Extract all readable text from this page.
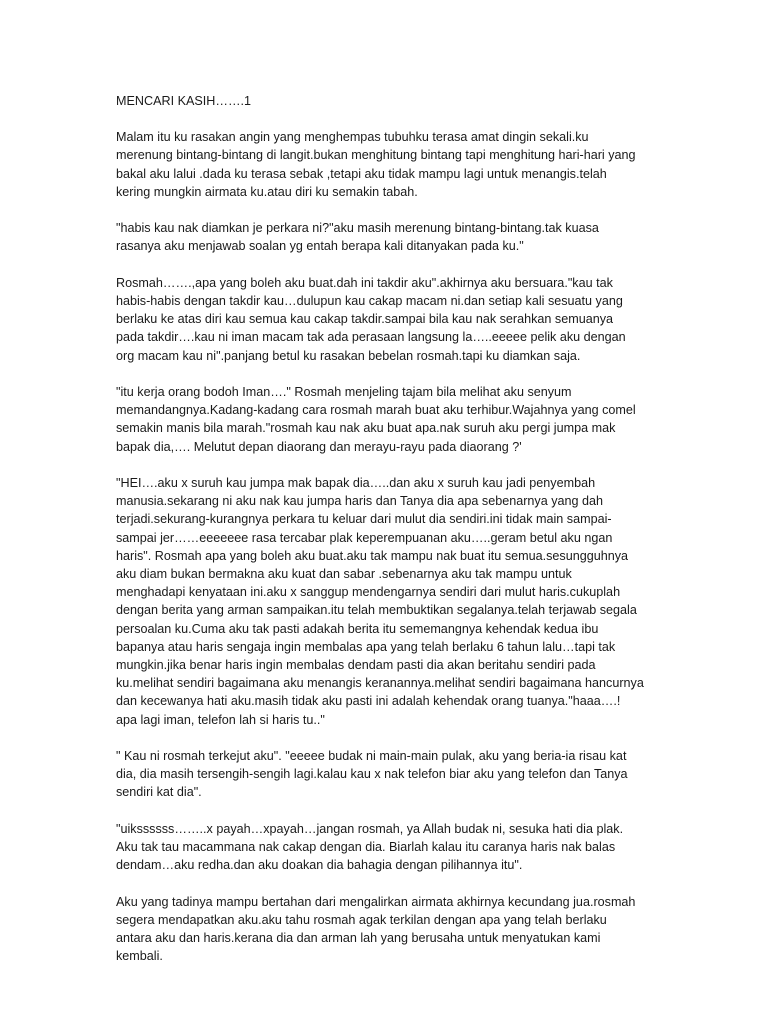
MENCARI KASIH…….1

Malam itu ku rasakan angin yang menghempas tubuhku terasa amat dingin sekali.ku
merenung bintang-bintang di langit.bukan menghitung bintang tapi menghitung hari-hari yang
bakal aku lalui .dada ku terasa sebak ,tetapi aku tidak mampu lagi untuk menangis.telah
kering mungkin airmata ku.atau diri ku semakin tabah.

"habis kau nak diamkan je perkara ni?"aku masih merenung bintang-bintang.tak kuasa
rasanya aku menjawab soalan yg entah berapa kali ditanyakan pada ku."

Rosmah…….,apa yang boleh aku buat.dah ini takdir aku".akhirnya aku bersuara."kau tak
habis-habis dengan takdir kau…dulupun kau cakap macam ni.dan setiap kali sesuatu yang
berlaku ke atas diri kau semua kau cakap takdir.sampai bila kau nak serahkan semuanya
pada takdir….kau ni iman macam tak ada perasaan langsung la…..eeeee pelik aku dengan
org macam kau ni".panjang betul ku rasakan bebelan rosmah.tapi ku diamkan saja.

"itu kerja orang bodoh Iman…." Rosmah menjeling tajam bila melihat aku senyum
memandangnya.Kadang-kadang cara rosmah marah buat aku terhibur.Wajahnya yang comel
semakin manis bila marah."rosmah kau nak aku buat apa.nak suruh aku pergi jumpa mak
bapak dia,…. Melutut depan diaorang dan merayu-rayu pada diaorang ?'

"HEI….aku x suruh kau jumpa mak bapak dia…..dan aku x suruh kau jadi penyembah
manusia.sekarang ni aku nak kau jumpa haris dan Tanya dia apa sebenarnya yang dah
terjadi.sekurang-kurangnya perkara tu keluar dari mulut dia sendiri.ini tidak main sampai-
sampai jer……eeeeeee rasa tercabar plak keperempuanan aku…..geram betul aku ngan
haris". Rosmah apa yang boleh aku buat.aku tak mampu nak buat itu semua.sesungguhnya
aku diam bukan bermakna aku kuat dan sabar .sebenarnya aku tak mampu untuk
menghadapi kenyataan ini.aku x sanggup mendengarnya sendiri dari mulut haris.cukuplah
dengan berita yang arman sampaikan.itu telah membuktikan segalanya.telah terjawab segala
persoalan ku.Cuma aku tak pasti adakah berita itu sememangnya kehendak kedua ibu
bapanya atau haris sengaja ingin membalas apa yang telah berlaku 6 tahun lalu…tapi tak
mungkin.jika benar haris ingin membalas dendam pasti dia akan beritahu sendiri pada
ku.melihat sendiri bagaimana aku menangis keranannya.melihat sendiri bagaimana hancurnya
dan kecewanya hati aku.masih tidak aku pasti ini adalah kehendak orang tuanya."haaa….!
apa lagi iman, telefon lah si haris tu.."

" Kau ni rosmah terkejut aku". "eeeee budak ni main-main pulak, aku yang beria-ia risau kat
dia, dia masih tersengih-sengih lagi.kalau kau x nak telefon biar aku yang telefon dan Tanya
sendiri kat dia".

"uikssssss……..x payah…xpayah…jangan rosmah, ya Allah budak ni, sesuka hati dia plak.
Aku tak tau macammana nak cakap dengan dia. Biarlah kalau itu caranya haris nak balas
dendam…aku redha.dan aku doakan dia bahagia dengan pilihannya itu".

Aku yang tadinya mampu bertahan dari mengalirkan airmata akhirnya kecundang jua.rosmah
segera mendapatkan aku.aku tahu rosmah agak terkilan dengan apa yang telah berlaku
antara aku dan haris.kerana dia dan arman lah yang berusaha untuk menyatukan kami
kembali.
